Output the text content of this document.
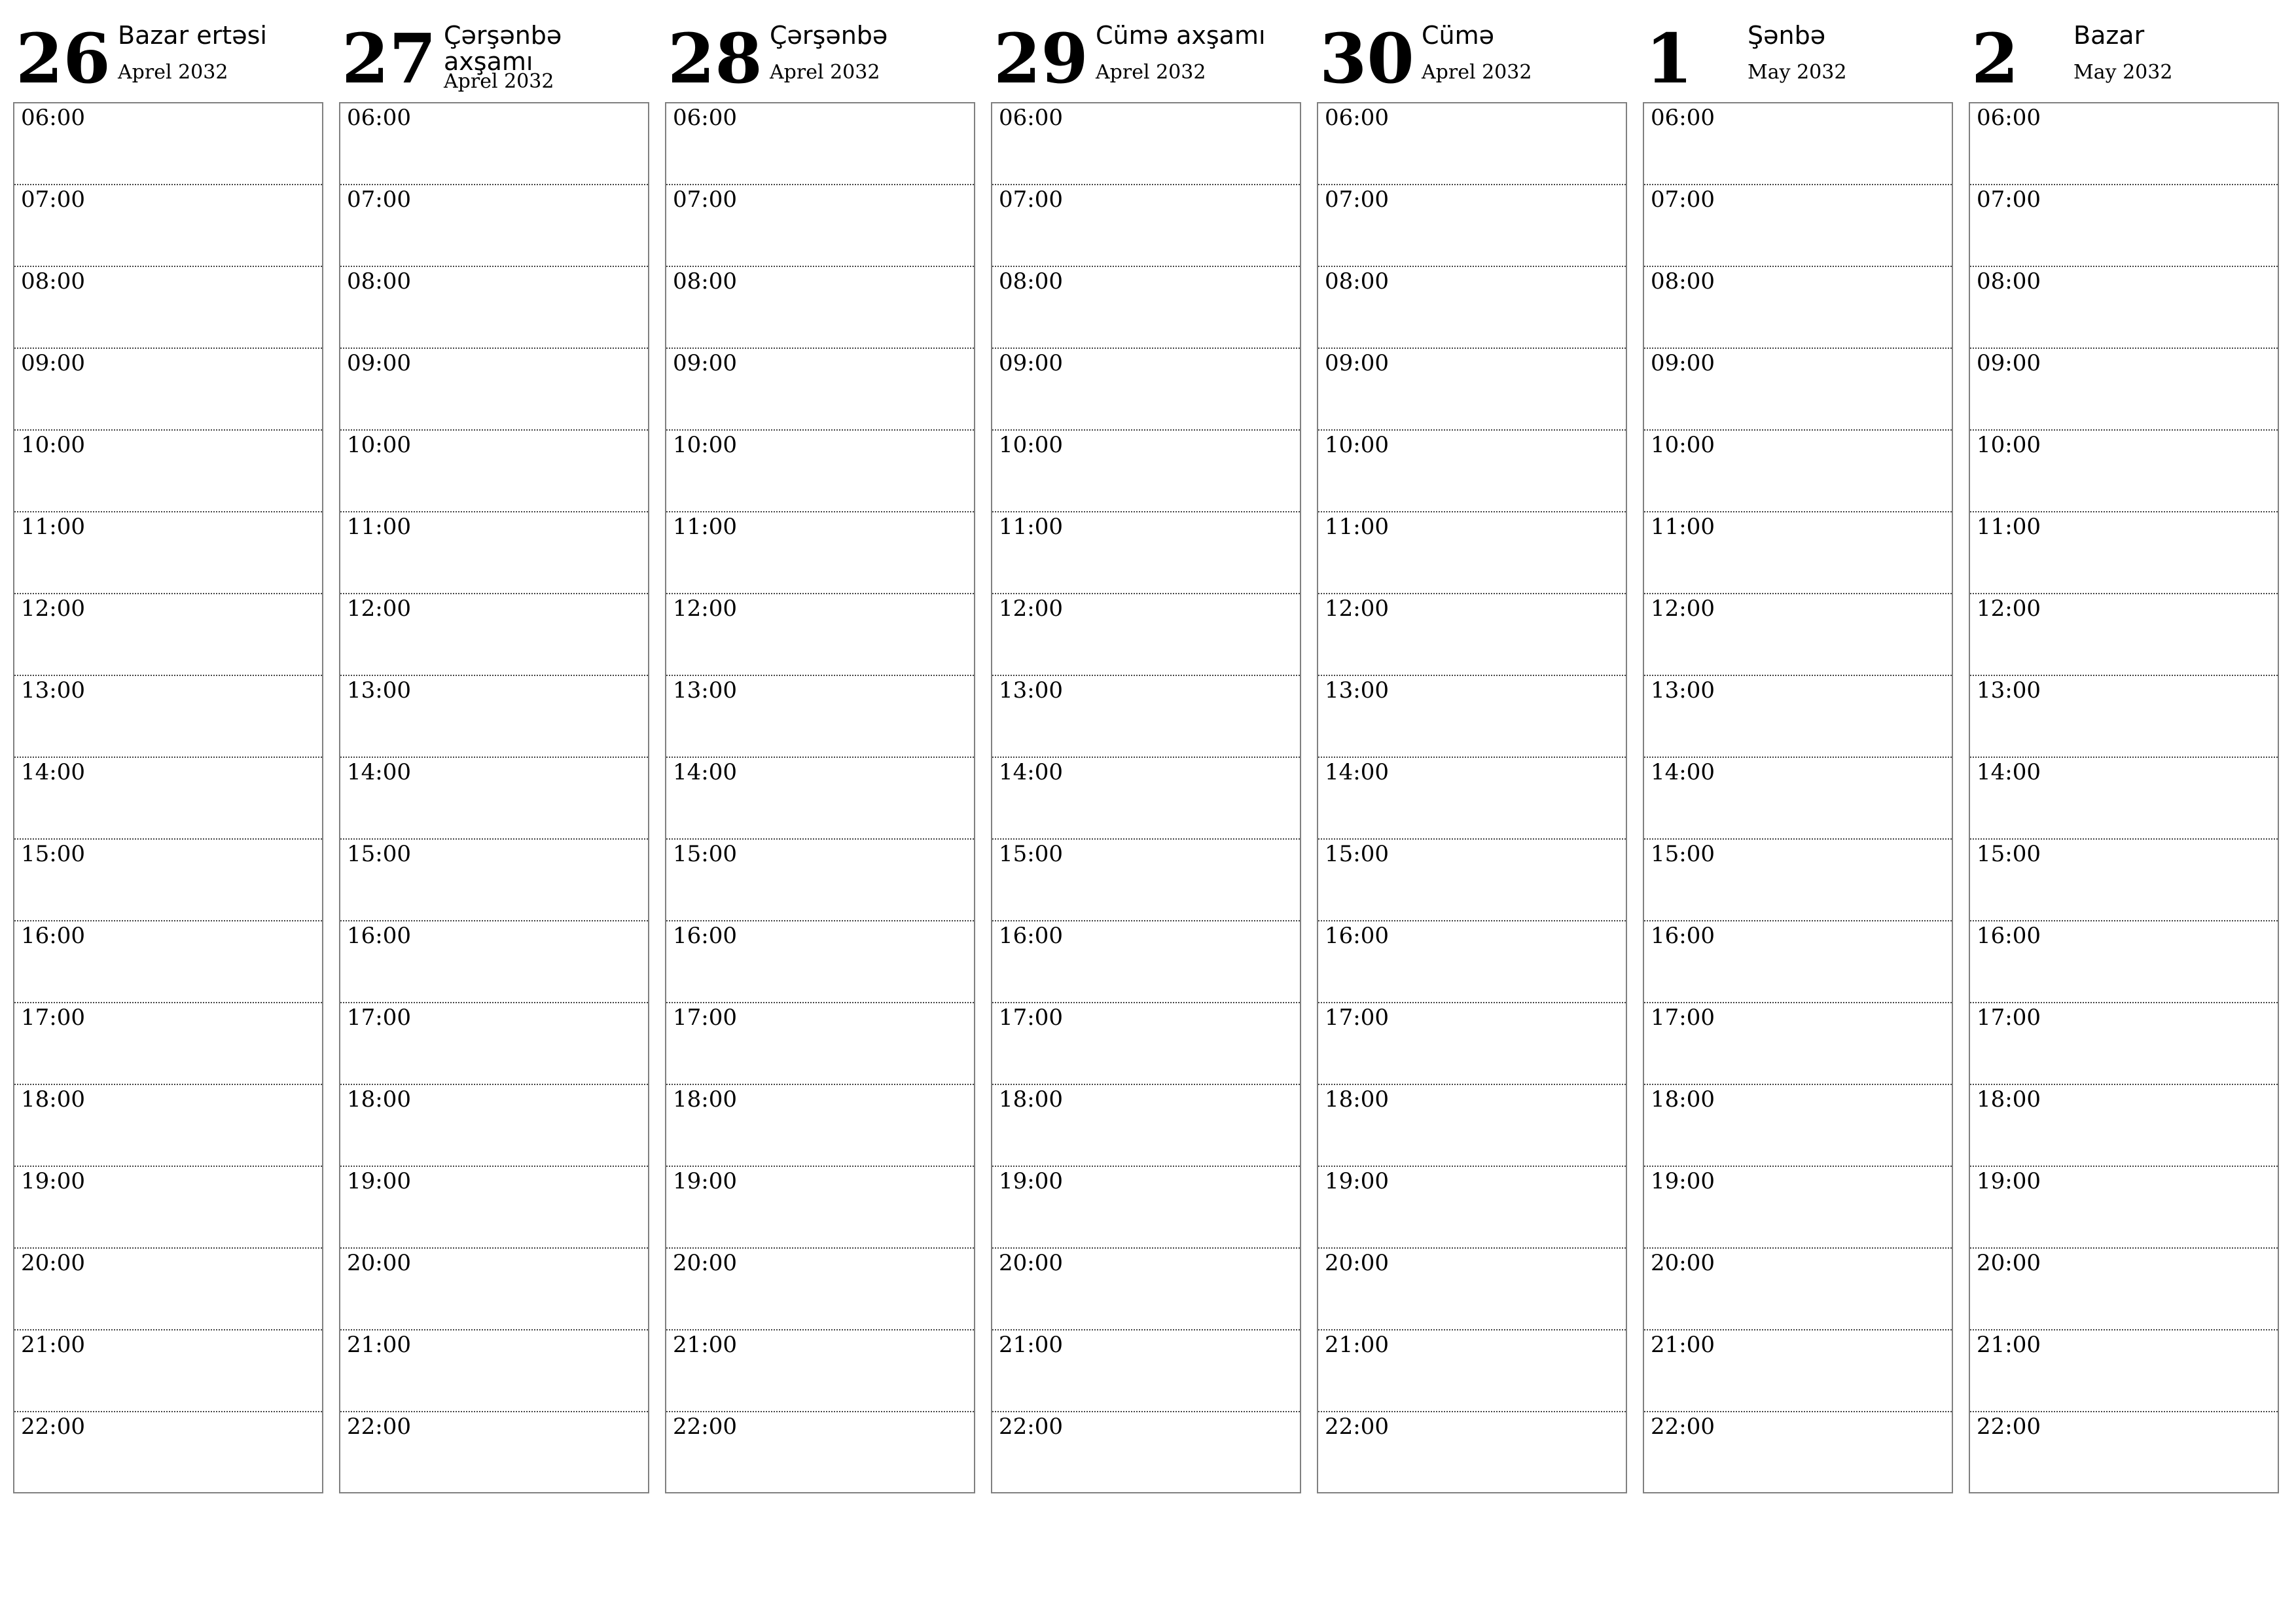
26 Bazar ertəsi
Aprel 2032
06:00
07:00
08:00
09:00
10:00
11:00
12:00
13:00
14:00
15:00
16:00
17:00
18:00
19:00
20:00
21:00
22:00
27 Çərşənbə axşamı
Aprel 2032
06:00
07:00
08:00
09:00
10:00
11:00
12:00
13:00
14:00
15:00
16:00
17:00
18:00
19:00
20:00
21:00
22:00
28 Çərşənbə
Aprel 2032
06:00
07:00
08:00
09:00
10:00
11:00
12:00
13:00
14:00
15:00
16:00
17:00
18:00
19:00
20:00
21:00
22:00
29 Cümə axşamı
Aprel 2032
06:00
07:00
08:00
09:00
10:00
11:00
12:00
13:00
14:00
15:00
16:00
17:00
18:00
19:00
20:00
21:00
22:00
30 Cümə
Aprel 2032
06:00
07:00
08:00
09:00
10:00
11:00
12:00
13:00
14:00
15:00
16:00
17:00
18:00
19:00
20:00
21:00
22:00
1 Şənbə
May 2032
06:00
07:00
08:00
09:00
10:00
11:00
12:00
13:00
14:00
15:00
16:00
17:00
18:00
19:00
20:00
21:00
22:00
2 Bazar
May 2032
06:00
07:00
08:00
09:00
10:00
11:00
12:00
13:00
14:00
15:00
16:00
17:00
18:00
19:00
20:00
21:00
22:00
